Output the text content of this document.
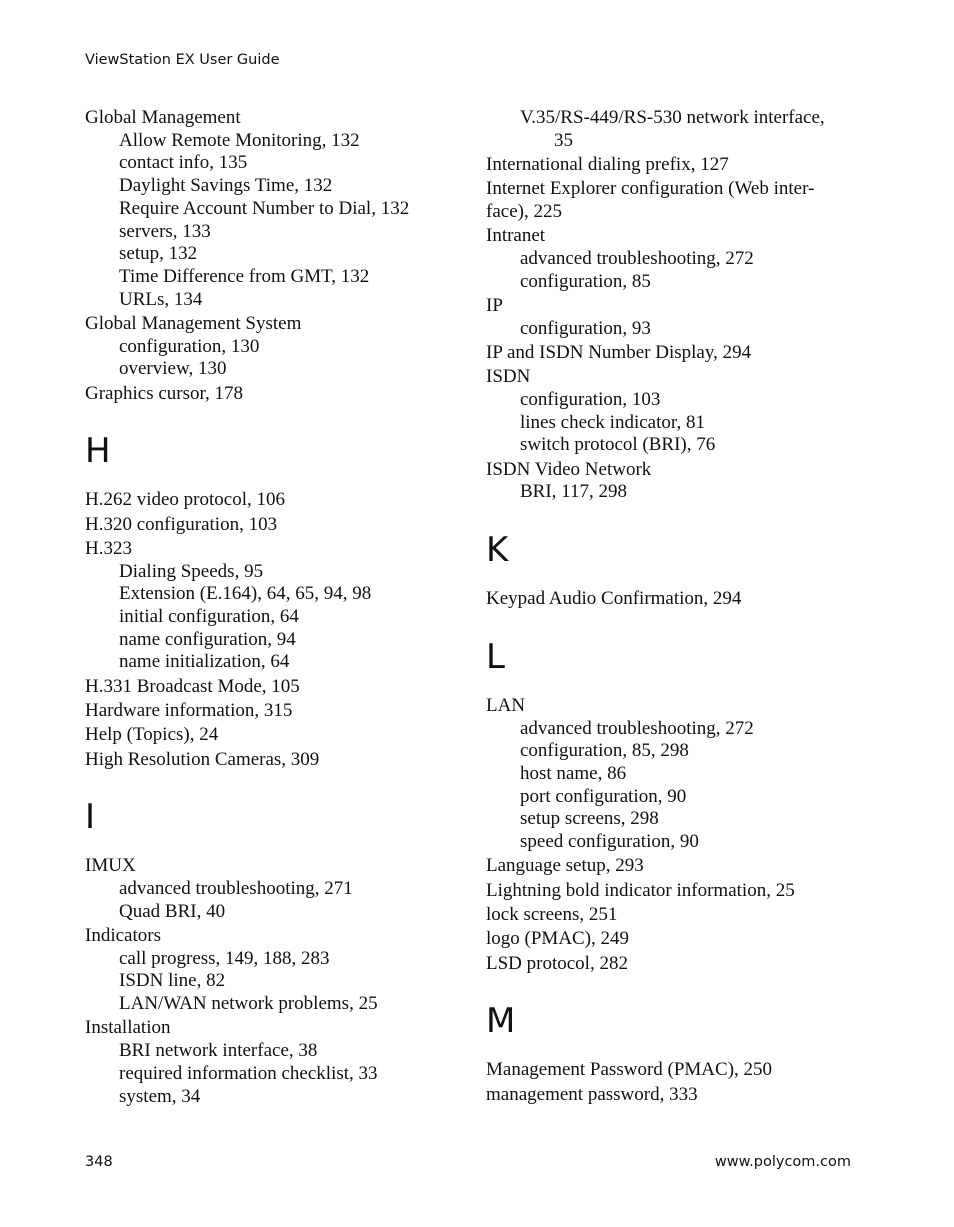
ViewStation EX User Guide
Global Management
Allow Remote Monitoring, 132
contact info, 135
Daylight Savings Time, 132
Require Account Number to Dial, 132
servers, 133
setup, 132
Time Difference from GMT, 132
URLs, 134
Global Management System
configuration, 130
overview, 130
Graphics cursor, 178
H
H.262 video protocol, 106
H.320 configuration, 103
H.323
Dialing Speeds, 95
Extension (E.164), 64, 65, 94, 98
initial configuration, 64
name configuration, 94
name initialization, 64
H.331 Broadcast Mode, 105
Hardware information, 315
Help (Topics), 24
High Resolution Cameras, 309
I
IMUX
advanced troubleshooting, 271
Quad BRI, 40
Indicators
call progress, 149, 188, 283
ISDN line, 82
LAN/WAN network problems, 25
Installation
BRI network interface, 38
required information checklist, 33
system, 34
V.35/RS-449/RS-530 network interface,
35
International dialing prefix, 127
Internet Explorer configuration (Web inter-
face), 225
Intranet
advanced troubleshooting, 272
configuration, 85
IP
configuration, 93
IP and ISDN Number Display, 294
ISDN
configuration, 103
lines check indicator, 81
switch protocol (BRI), 76
ISDN Video Network
BRI, 117, 298
K
Keypad Audio Confirmation, 294
L
LAN
advanced troubleshooting, 272
configuration, 85, 298
host name, 86
port configuration, 90
setup screens, 298
speed configuration, 90
Language setup, 293
Lightning bold indicator information, 25
lock screens, 251
logo (PMAC), 249
LSD protocol, 282
M
Management Password (PMAC), 250
management password, 333
348	www.polycom.com
